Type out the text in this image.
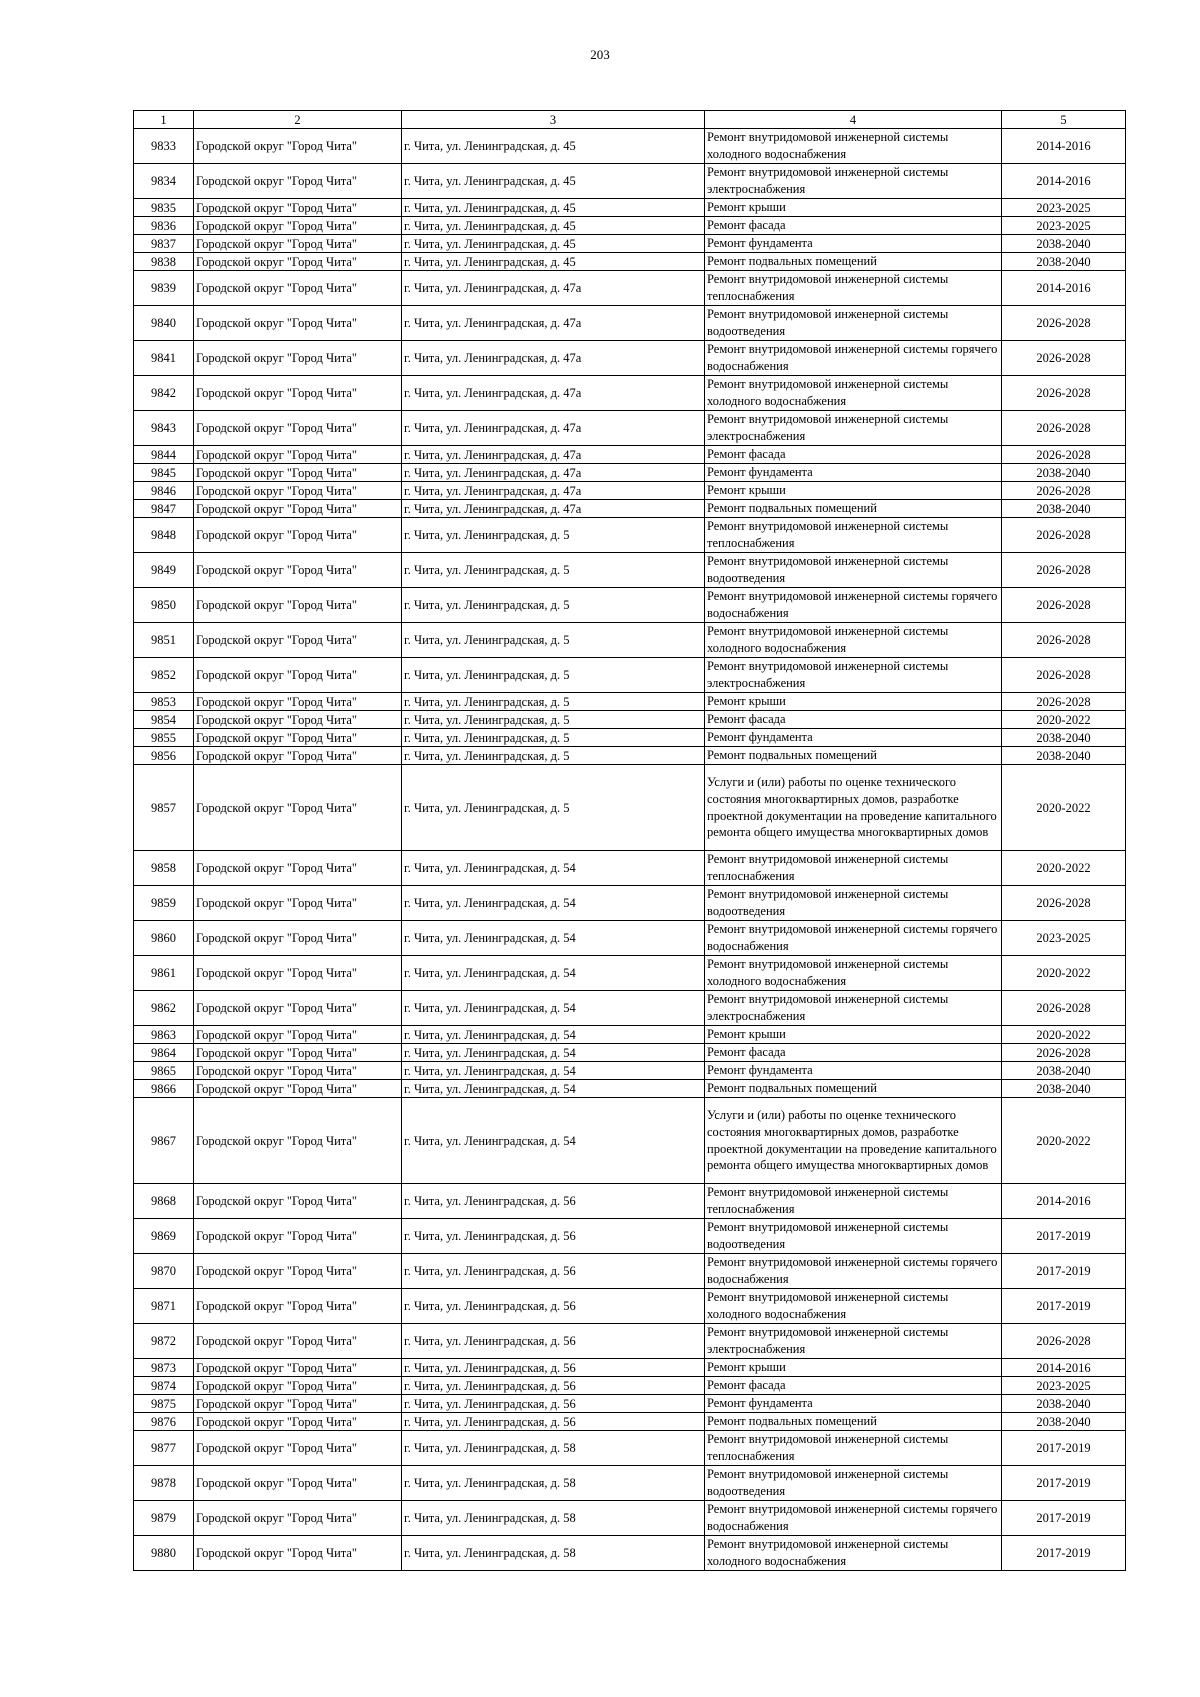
203
1	2	3	4	5
9833	Городской округ "Город Чита"	г. Чита, ул. Ленинградская, д. 45	Ремонт внутридомовой инженерной системы холодного водоснабжения	2014-2016
9834	Городской округ "Город Чита"	г. Чита, ул. Ленинградская, д. 45	Ремонт внутридомовой инженерной системы электроснабжения	2014-2016
9835	Городской округ "Город Чита"	г. Чита, ул. Ленинградская, д. 45	Ремонт крыши	2023-2025
9836	Городской округ "Город Чита"	г. Чита, ул. Ленинградская, д. 45	Ремонт фасада	2023-2025
9837	Городской округ "Город Чита"	г. Чита, ул. Ленинградская, д. 45	Ремонт фундамента	2038-2040
9838	Городской округ "Город Чита"	г. Чита, ул. Ленинградская, д. 45	Ремонт подвальных помещений	2038-2040
9839	Городской округ "Город Чита"	г. Чита, ул. Ленинградская, д. 47а	Ремонт внутридомовой инженерной системы теплоснабжения	2014-2016
9840	Городской округ "Город Чита"	г. Чита, ул. Ленинградская, д. 47а	Ремонт внутридомовой инженерной системы водоотведения	2026-2028
9841	Городской округ "Город Чита"	г. Чита, ул. Ленинградская, д. 47а	Ремонт внутридомовой инженерной системы горячего водоснабжения	2026-2028
9842	Городской округ "Город Чита"	г. Чита, ул. Ленинградская, д. 47а	Ремонт внутридомовой инженерной системы холодного водоснабжения	2026-2028
9843	Городской округ "Город Чита"	г. Чита, ул. Ленинградская, д. 47а	Ремонт внутридомовой инженерной системы электроснабжения	2026-2028
9844	Городской округ "Город Чита"	г. Чита, ул. Ленинградская, д. 47а	Ремонт фасада	2026-2028
9845	Городской округ "Город Чита"	г. Чита, ул. Ленинградская, д. 47а	Ремонт фундамента	2038-2040
9846	Городской округ "Город Чита"	г. Чита, ул. Ленинградская, д. 47а	Ремонт крыши	2026-2028
9847	Городской округ "Город Чита"	г. Чита, ул. Ленинградская, д. 47а	Ремонт подвальных помещений	2038-2040
9848	Городской округ "Город Чита"	г. Чита, ул. Ленинградская, д. 5	Ремонт внутридомовой инженерной системы теплоснабжения	2026-2028
9849	Городской округ "Город Чита"	г. Чита, ул. Ленинградская, д. 5	Ремонт внутридомовой инженерной системы водоотведения	2026-2028
9850	Городской округ "Город Чита"	г. Чита, ул. Ленинградская, д. 5	Ремонт внутридомовой инженерной системы горячего водоснабжения	2026-2028
9851	Городской округ "Город Чита"	г. Чита, ул. Ленинградская, д. 5	Ремонт внутридомовой инженерной системы холодного водоснабжения	2026-2028
9852	Городской округ "Город Чита"	г. Чита, ул. Ленинградская, д. 5	Ремонт внутридомовой инженерной системы электроснабжения	2026-2028
9853	Городской округ "Город Чита"	г. Чита, ул. Ленинградская, д. 5	Ремонт крыши	2026-2028
9854	Городской округ "Город Чита"	г. Чита, ул. Ленинградская, д. 5	Ремонт фасада	2020-2022
9855	Городской округ "Город Чита"	г. Чита, ул. Ленинградская, д. 5	Ремонт фундамента	2038-2040
9856	Городской округ "Город Чита"	г. Чита, ул. Ленинградская, д. 5	Ремонт подвальных помещений	2038-2040
9857	Городской округ "Город Чита"	г. Чита, ул. Ленинградская, д. 5	Услуги и (или) работы по оценке технического состояния многоквартирных домов, разработке проектной документации на проведение капитального ремонта общего имущества многоквартирных домов	2020-2022
9858	Городской округ "Город Чита"	г. Чита, ул. Ленинградская, д. 54	Ремонт внутридомовой инженерной системы теплоснабжения	2020-2022
9859	Городской округ "Город Чита"	г. Чита, ул. Ленинградская, д. 54	Ремонт внутридомовой инженерной системы водоотведения	2026-2028
9860	Городской округ "Город Чита"	г. Чита, ул. Ленинградская, д. 54	Ремонт внутридомовой инженерной системы горячего водоснабжения	2023-2025
9861	Городской округ "Город Чита"	г. Чита, ул. Ленинградская, д. 54	Ремонт внутридомовой инженерной системы холодного водоснабжения	2020-2022
9862	Городской округ "Город Чита"	г. Чита, ул. Ленинградская, д. 54	Ремонт внутридомовой инженерной системы электроснабжения	2026-2028
9863	Городской округ "Город Чита"	г. Чита, ул. Ленинградская, д. 54	Ремонт крыши	2020-2022
9864	Городской округ "Город Чита"	г. Чита, ул. Ленинградская, д. 54	Ремонт фасада	2026-2028
9865	Городской округ "Город Чита"	г. Чита, ул. Ленинградская, д. 54	Ремонт фундамента	2038-2040
9866	Городской округ "Город Чита"	г. Чита, ул. Ленинградская, д. 54	Ремонт подвальных помещений	2038-2040
9867	Городской округ "Город Чита"	г. Чита, ул. Ленинградская, д. 54	Услуги и (или) работы по оценке технического состояния многоквартирных домов, разработке проектной документации на проведение капитального ремонта общего имущества многоквартирных домов	2020-2022
9868	Городской округ "Город Чита"	г. Чита, ул. Ленинградская, д. 56	Ремонт внутридомовой инженерной системы теплоснабжения	2014-2016
9869	Городской округ "Город Чита"	г. Чита, ул. Ленинградская, д. 56	Ремонт внутридомовой инженерной системы водоотведения	2017-2019
9870	Городской округ "Город Чита"	г. Чита, ул. Ленинградская, д. 56	Ремонт внутридомовой инженерной системы горячего водоснабжения	2017-2019
9871	Городской округ "Город Чита"	г. Чита, ул. Ленинградская, д. 56	Ремонт внутридомовой инженерной системы холодного водоснабжения	2017-2019
9872	Городской округ "Город Чита"	г. Чита, ул. Ленинградская, д. 56	Ремонт внутридомовой инженерной системы электроснабжения	2026-2028
9873	Городской округ "Город Чита"	г. Чита, ул. Ленинградская, д. 56	Ремонт крыши	2014-2016
9874	Городской округ "Город Чита"	г. Чита, ул. Ленинградская, д. 56	Ремонт фасада	2023-2025
9875	Городской округ "Город Чита"	г. Чита, ул. Ленинградская, д. 56	Ремонт фундамента	2038-2040
9876	Городской округ "Город Чита"	г. Чита, ул. Ленинградская, д. 56	Ремонт подвальных помещений	2038-2040
9877	Городской округ "Город Чита"	г. Чита, ул. Ленинградская, д. 58	Ремонт внутридомовой инженерной системы теплоснабжения	2017-2019
9878	Городской округ "Город Чита"	г. Чита, ул. Ленинградская, д. 58	Ремонт внутридомовой инженерной системы водоотведения	2017-2019
9879	Городской округ "Город Чита"	г. Чита, ул. Ленинградская, д. 58	Ремонт внутридомовой инженерной системы горячего водоснабжения	2017-2019
9880	Городской округ "Город Чита"	г. Чита, ул. Ленинградская, д. 58	Ремонт внутридомовой инженерной системы холодного водоснабжения	2017-2019
